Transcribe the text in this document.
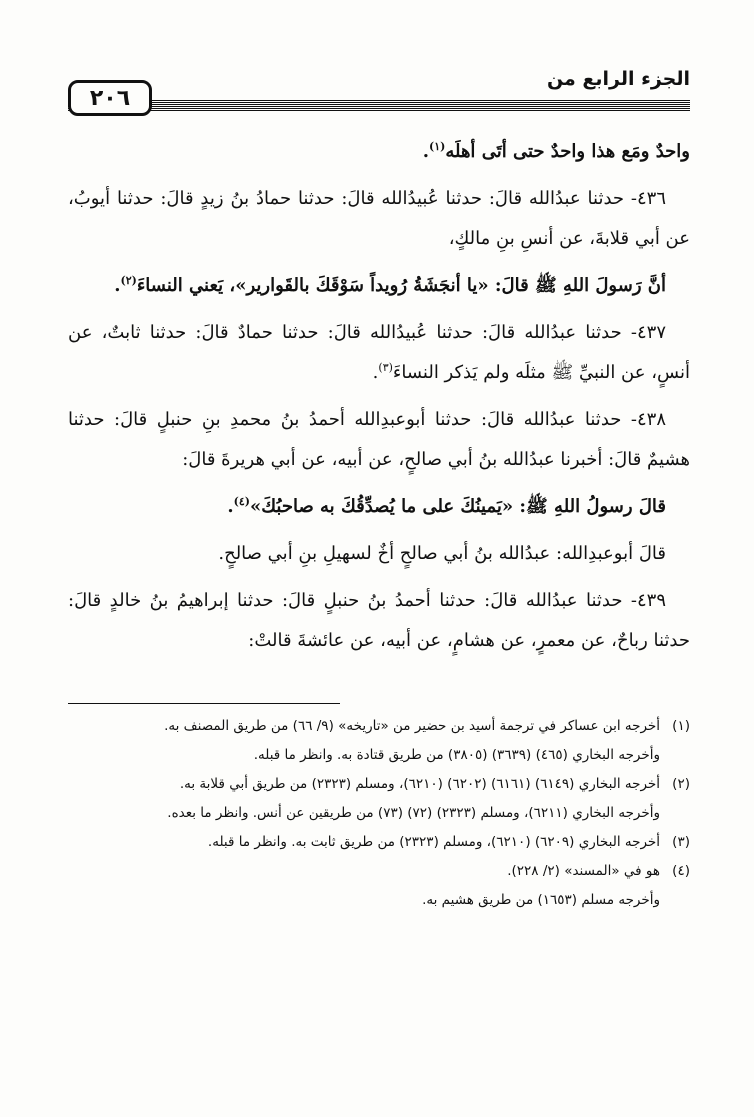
الجزء الرابع من
٢٠٦

واحدٌ ومَع هذا واحدٌ حتى أتَى أهلَه$^{(١)}$.

٤٣٦- حدثنا عبدُالله قالَ: حدثنا عُبيدُالله قالَ: حدثنا حمادُ بنُ زيدٍ قالَ: حدثنا أيوبُ، عن أبي قلابةَ، عن أنسِ بنِ مالكٍ،

أنَّ رَسولَ اللهِ ﷺ قالَ: «يا أنجَشَةُ رُويداً سَوْقَكَ بالقَوارير»، يَعني النساءَ$^{(٢)}$.

٤٣٧- حدثنا عبدُالله قالَ: حدثنا عُبيدُالله قالَ: حدثنا حمادٌ قالَ: حدثنا ثابتٌ، عن أنسٍ، عن النبيِّ ﷺ مثلَه ولم يَذكر النساءَ$^{(٣)}$.

٤٣٨- حدثنا عبدُالله قالَ: حدثنا أبوعبدِالله أحمدُ بنُ محمدِ بنِ حنبلٍ قالَ: حدثنا هشيمٌ قالَ: أخبرنا عبدُالله بنُ أبي صالحٍ، عن أبيه، عن أبي هريرةَ قالَ:

قالَ رسولُ اللهِ ﷺ: «يَمينُكَ على ما يُصدِّقُكَ به صاحبُكَ»$^{(٤)}$.

قالَ أبوعبدِالله: عبدُالله بنُ أبي صالحٍ أخٌ لسهيلِ بنِ أبي صالحٍ.

٤٣٩- حدثنا عبدُالله قالَ: حدثنا أحمدُ بنُ حنبلٍ قالَ: حدثنا إبراهيمُ بنُ خالدٍ قالَ: حدثنا رباحٌ، عن معمرٍ، عن هشامٍ، عن أبيه، عن عائشةَ قالتْ:

(١)
أخرجه ابن عساكر في ترجمة أسيد بن حضير من «تاريخه» (٩/ ٦٦) من طريق المصنف به.
وأخرجه البخاري (٤٦٥) (٣٦٣٩) (٣٨٠٥) من طريق قتادة به. وانظر ما قبله.
(٢)
أخرجه البخاري (٦١٤٩) (٦١٦١) (٦٢٠٢) (٦٢١٠)، ومسلم (٢٣٢٣) من طريق أبي قلابة به.
وأخرجه البخاري (٦٢١١)، ومسلم (٢٣٢٣) (٧٢) (٧٣) من طريقين عن أنس. وانظر ما بعده.
(٣)
أخرجه البخاري (٦٢٠٩) (٦٢١٠)، ومسلم (٢٣٢٣) من طريق ثابت به. وانظر ما قبله.
(٤)
هو في «المسند» (٢/ ٢٢٨).
وأخرجه مسلم (١٦٥٣) من طريق هشيم به.
